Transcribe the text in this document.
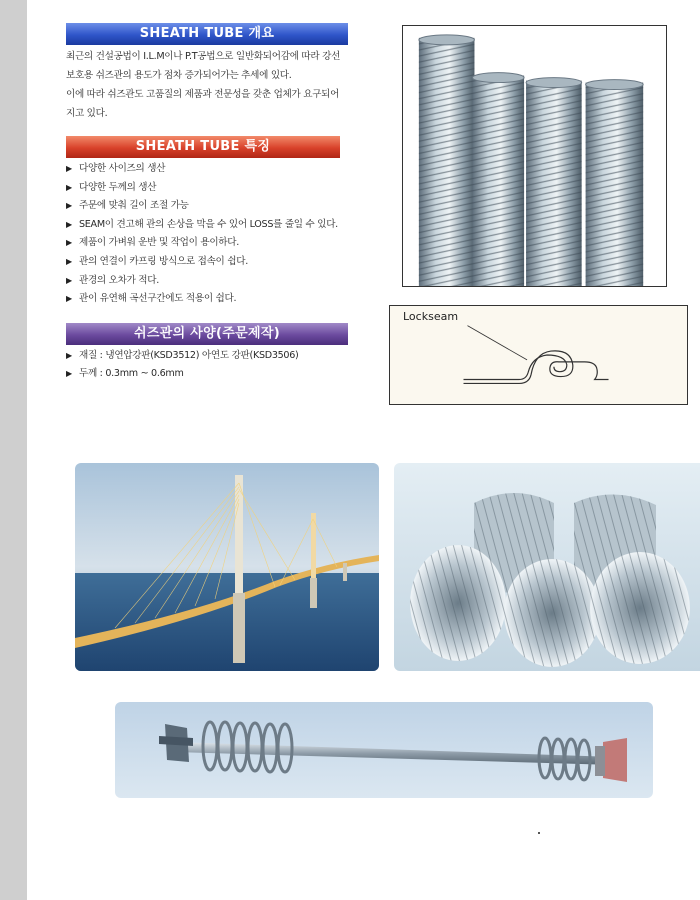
SHEATH TUBE 개요
최근의 건설공법이 I.L.M이나 P.T공법으로 일반화되어감에 따라 강선
보호용 쉬즈관의 용도가 점차 증가되어가는 추세에 있다.
이에 따라 쉬즈관도 고품질의 제품과 전문성을 갖춘 업체가 요구되어
지고 있다.
SHEATH TUBE 특징
▶ 다양한 사이즈의 생산
▶ 다양한 두께의 생산
▶ 주문에 맞춰 길이 조절 가능
▶ SEAM이 견고해 관의 손상을 막을 수 있어 LOSS를 줄일 수 있다.
▶ 제품이 가벼워 운반 및 작업이 용이하다.
▶ 관의 연결이 카프링 방식으로 접속이 쉽다.
▶ 관경의 오차가 적다.
▶ 관이 유연해 곡선구간에도 적용이 쉽다.
쉬즈관의 사양(주문제작)
▶ 재질 : 냉연압강판(KSD3512) 아연도 강판(KSD3506)
▶ 두께 : 0.3mm ~ 0.6mm
Lockseam
